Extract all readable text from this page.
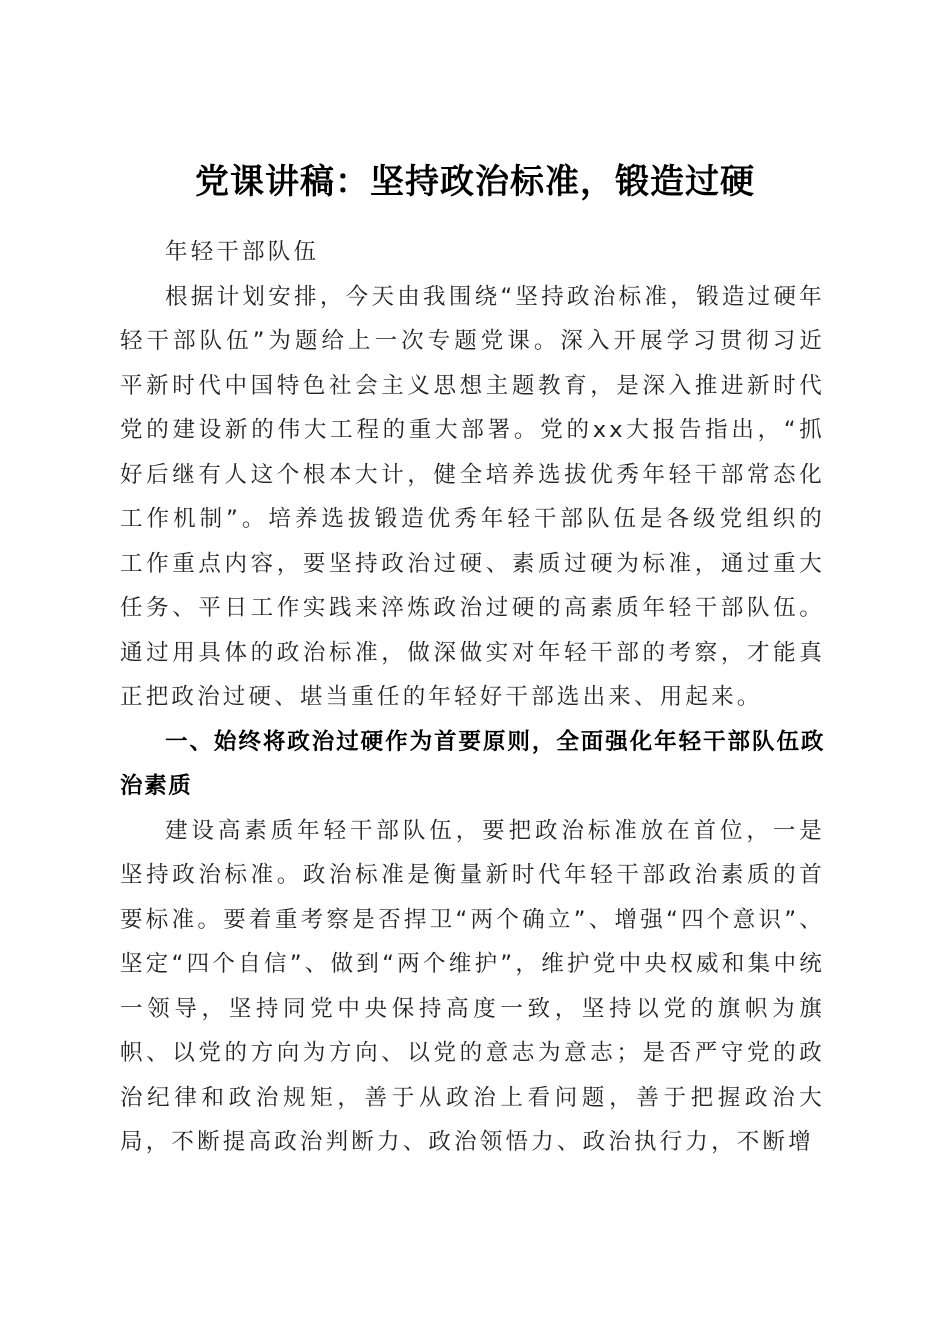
党课讲稿：坚持政治标准，锻造过硬

年轻干部队伍

根据计划安排，今天由我围绕“坚持政治标准，锻造过硬年轻干部队伍”为题给上一次专题党课。深入开展学习贯彻习近平新时代中国特色社会主义思想主题教育，是深入推进新时代党的建设新的伟大工程的重大部署。党的xx大报告指出，“抓好后继有人这个根本大计，健全培养选拔优秀年轻干部常态化工作机制”。培养选拔锻造优秀年轻干部队伍是各级党组织的工作重点内容，要坚持政治过硬、素质过硬为标准，通过重大任务、平日工作实践来淬炼政治过硬的高素质年轻干部队伍。通过用具体的政治标准，做深做实对年轻干部的考察，才能真正把政治过硬、堪当重任的年轻好干部选出来、用起来。

一、始终将政治过硬作为首要原则，全面强化年轻干部队伍政治素质

建设高素质年轻干部队伍，要把政治标准放在首位，一是坚持政治标准。政治标准是衡量新时代年轻干部政治素质的首要标准。要着重考察是否捍卫“两个确立”、增强“四个意识”、坚定“四个自信”、做到“两个维护”，维护党中央权威和集中统一领导，坚持同党中央保持高度一致，坚持以党的旗帜为旗帜、以党的方向为方向、以党的意志为意志；是否严守党的政治纪律和政治规矩，善于从政治上看问题，善于把握政治大局，不断提高政治判断力、政治领悟力、政治执行力，不断增
